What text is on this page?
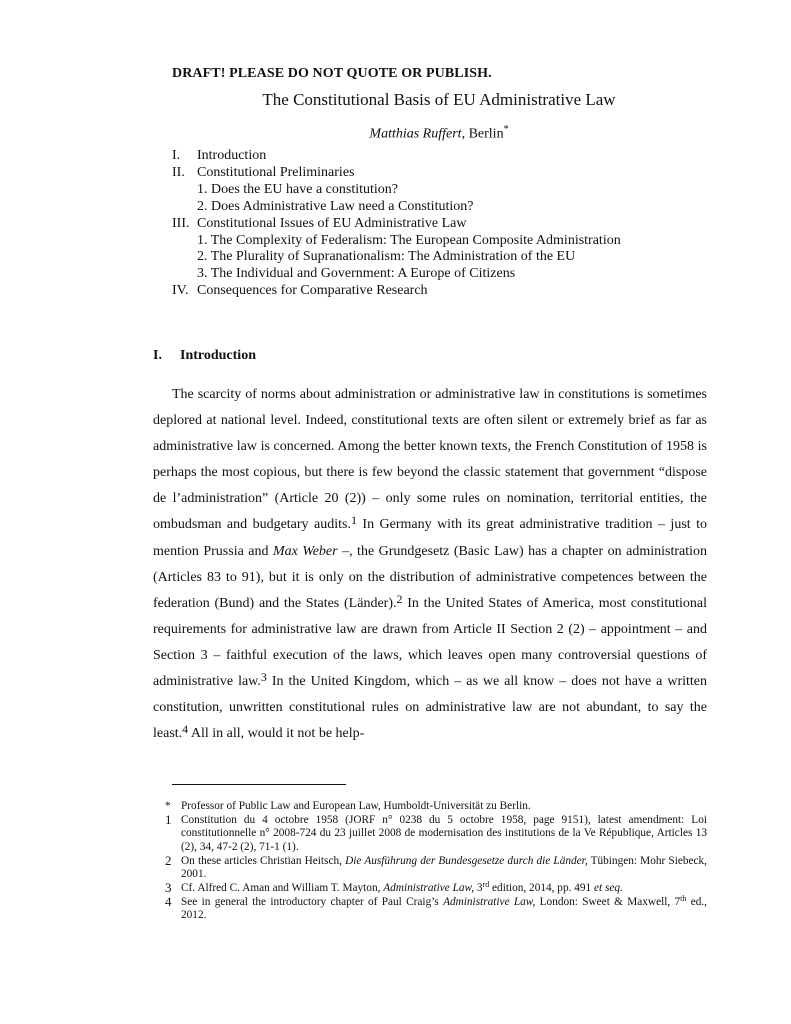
DRAFT! PLEASE DO NOT QUOTE OR PUBLISH.
The Constitutional Basis of EU Administrative Law
Matthias Ruffert, Berlin*
I. Introduction
II. Constitutional Preliminaries
1. Does the EU have a constitution?
2. Does Administrative Law need a Constitution?
III. Constitutional Issues of EU Administrative Law
1. The Complexity of Federalism: The European Composite Administration
2. The Plurality of Supranationalism: The Administration of the EU
3. The Individual and Government: A Europe of Citizens
IV. Consequences for Comparative Research
I. Introduction

The scarcity of norms about administration or administrative law in constitutions is sometimes deplored at national level. Indeed, constitutional texts are often silent or extremely brief as far as administrative law is concerned. Among the better known texts, the French Constitution of 1958 is perhaps the most copious, but there is few beyond the classic statement that government “dispose de l’administration” (Article 20 (2)) – only some rules on nomination, territorial entities, the ombudsman and budgetary audits.$^1$ In Germany with its great administrative tradition – just to mention Prussia and Max Weber –, the Grundgesetz (Basic Law) has a chapter on administration (Articles 83 to 91), but it is only on the distribution of administrative competences between the federation (Bund) and the States (Länder).$^2$ In the United States of America, most constitutional requirements for administrative law are drawn from Article II Section 2 (2) – appointment – and Section 3 – faithful execution of the laws, which leaves open many controversial questions of administrative law.$^3$ In the United Kingdom, which – as we all know – does not have a written constitution, unwritten constitutional rules on administrative law are not abundant, to say the least.$^4$ All in all, would it not be help-

* Professor of Public Law and European Law, Humboldt-Universität zu Berlin.
1 Constitution du 4 octobre 1958 (JORF n° 0238 du 5 octobre 1958, page 9151), latest amendment: Loi constitutionnelle n° 2008-724 du 23 juillet 2008 de modernisation des institutions de la Ve République, Articles 13 (2), 34, 47-2 (2), 71-1 (1).
2 On these articles Christian Heitsch, Die Ausführung der Bundesgesetze durch die Länder, Tübingen: Mohr Siebeck, 2001.
3 Cf. Alfred C. Aman and William T. Mayton, Administrative Law, 3rd edition, 2014, pp. 491 et seq.
4 See in general the introductory chapter of Paul Craig’s Administrative Law, London: Sweet & Maxwell, 7th ed., 2012.
